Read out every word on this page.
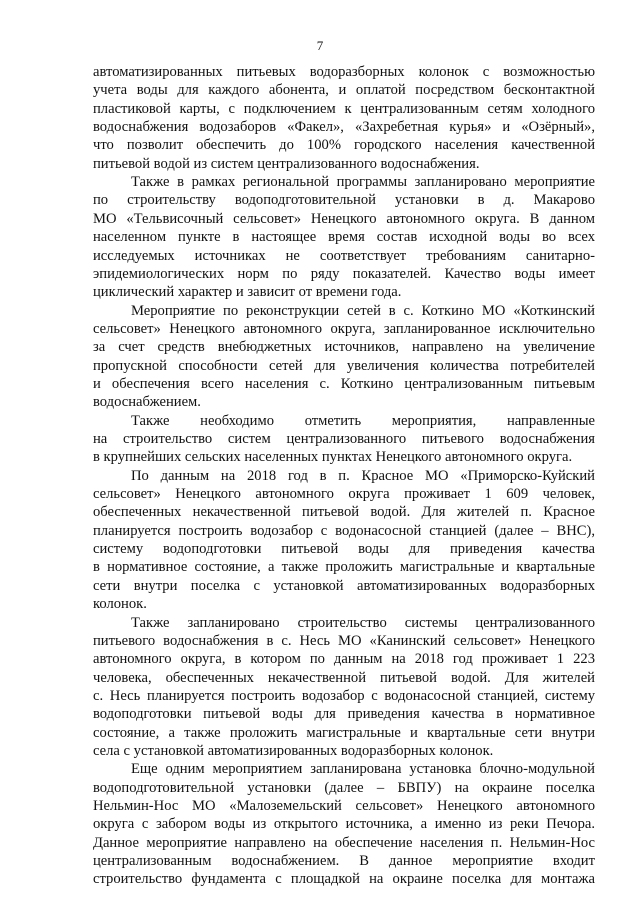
7
автоматизированных питьевых водоразборных колонок с возможностью
учета воды для каждого абонента, и оплатой посредством бесконтактной
пластиковой карты, с подключением к централизованным сетям холодного
водоснабжения водозаборов «Факел», «Захребетная курья» и «Озёрный»,
что позволит обеспечить до 100% городского населения качественной
питьевой водой из систем централизованного водоснабжения.
Также в рамках региональной программы запланировано мероприятие
по строительству водоподготовительной установки в д. Макарово
МО «Тельвисочный сельсовет» Ненецкого автономного округа. В данном
населенном пункте в настоящее время состав исходной воды во всех
исследуемых источниках не соответствует требованиям санитарно-
эпидемиологических норм по ряду показателей. Качество воды имеет
циклический характер и зависит от времени года.
Мероприятие по реконструкции сетей в с. Коткино МО «Коткинский
сельсовет» Ненецкого автономного округа, запланированное исключительно
за счет средств внебюджетных источников, направлено на увеличение
пропускной способности сетей для увеличения количества потребителей
и обеспечения всего населения с. Коткино централизованным питьевым
водоснабжением.
Также необходимо отметить мероприятия, направленные
на строительство систем централизованного питьевого водоснабжения
в крупнейших сельских населенных пунктах Ненецкого автономного округа.
По данным на 2018 год в п. Красное МО «Приморско-Куйский
сельсовет» Ненецкого автономного округа проживает 1 609 человек,
обеспеченных некачественной питьевой водой. Для жителей п. Красное
планируется построить водозабор с водонасосной станцией (далее – ВНС),
систему водоподготовки питьевой воды для приведения качества
в нормативное состояние, а также проложить магистральные и квартальные
сети внутри поселка с установкой автоматизированных водоразборных
колонок.
Также запланировано строительство системы централизованного
питьевого водоснабжения в с. Несь МО «Канинский сельсовет» Ненецкого
автономного округа, в котором по данным на 2018 год проживает 1 223
человека, обеспеченных некачественной питьевой водой. Для жителей
с. Несь планируется построить водозабор с водонасосной станцией, систему
водоподготовки питьевой воды для приведения качества в нормативное
состояние, а также проложить магистральные и квартальные сети внутри
села с установкой автоматизированных водоразборных колонок.
Еще одним мероприятием запланирована установка блочно-модульной
водоподготовительной установки (далее – БВПУ) на окраине поселка
Нельмин-Нос МО «Малоземельский сельсовет» Ненецкого автономного
округа с забором воды из открытого источника, а именно из реки Печора.
Данное мероприятие направлено на обеспечение населения п. Нельмин-Нос
централизованным водоснабжением. В данное мероприятие входит
строительство фундамента с площадкой на окраине поселка для монтажа
